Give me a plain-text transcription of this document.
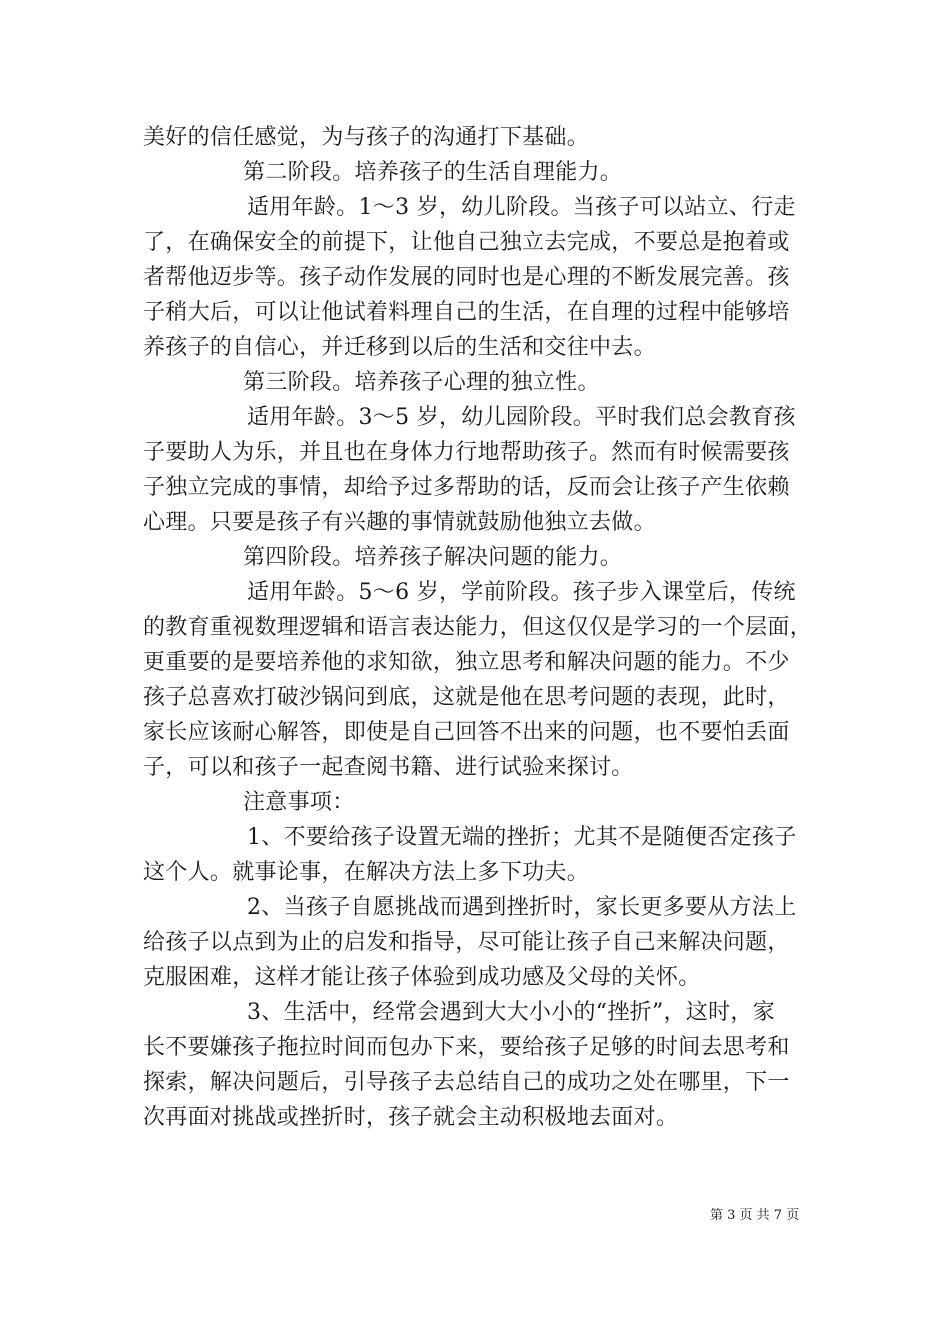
美好的信任感觉，为与孩子的沟通打下基础。
第二阶段。培养孩子的生活自理能力。
适用年龄。1～3 岁，幼儿阶段。当孩子可以站立、行走
了，在确保安全的前提下，让他自己独立去完成，不要总是抱着或
者帮他迈步等。孩子动作发展的同时也是心理的不断发展完善。孩
子稍大后，可以让他试着料理自己的生活，在自理的过程中能够培
养孩子的自信心，并迁移到以后的生活和交往中去。
第三阶段。培养孩子心理的独立性。
适用年龄。3～5 岁，幼儿园阶段。平时我们总会教育孩
子要助人为乐，并且也在身体力行地帮助孩子。然而有时候需要孩
子独立完成的事情，却给予过多帮助的话，反而会让孩子产生依赖
心理。只要是孩子有兴趣的事情就鼓励他独立去做。
第四阶段。培养孩子解决问题的能力。
适用年龄。5～6 岁，学前阶段。孩子步入课堂后，传统
的教育重视数理逻辑和语言表达能力，但这仅仅是学习的一个层面，
更重要的是要培养他的求知欲，独立思考和解决问题的能力。不少
孩子总喜欢打破沙锅问到底，这就是他在思考问题的表现，此时，
家长应该耐心解答，即使是自己回答不出来的问题，也不要怕丢面
子，可以和孩子一起查阅书籍、进行试验来探讨。
注意事项：
1、不要给孩子设置无端的挫折；尤其不是随便否定孩子
这个人。就事论事，在解决方法上多下功夫。
2、当孩子自愿挑战而遇到挫折时，家长更多要从方法上
给孩子以点到为止的启发和指导，尽可能让孩子自己来解决问题，
克服困难，这样才能让孩子体验到成功感及父母的关怀。
3、生活中，经常会遇到大大小小的“挫折”，这时，家
长不要嫌孩子拖拉时间而包办下来，要给孩子足够的时间去思考和
探索，解决问题后，引导孩子去总结自己的成功之处在哪里，下一
次再面对挑战或挫折时，孩子就会主动积极地去面对。
第 3 页 共 7 页
